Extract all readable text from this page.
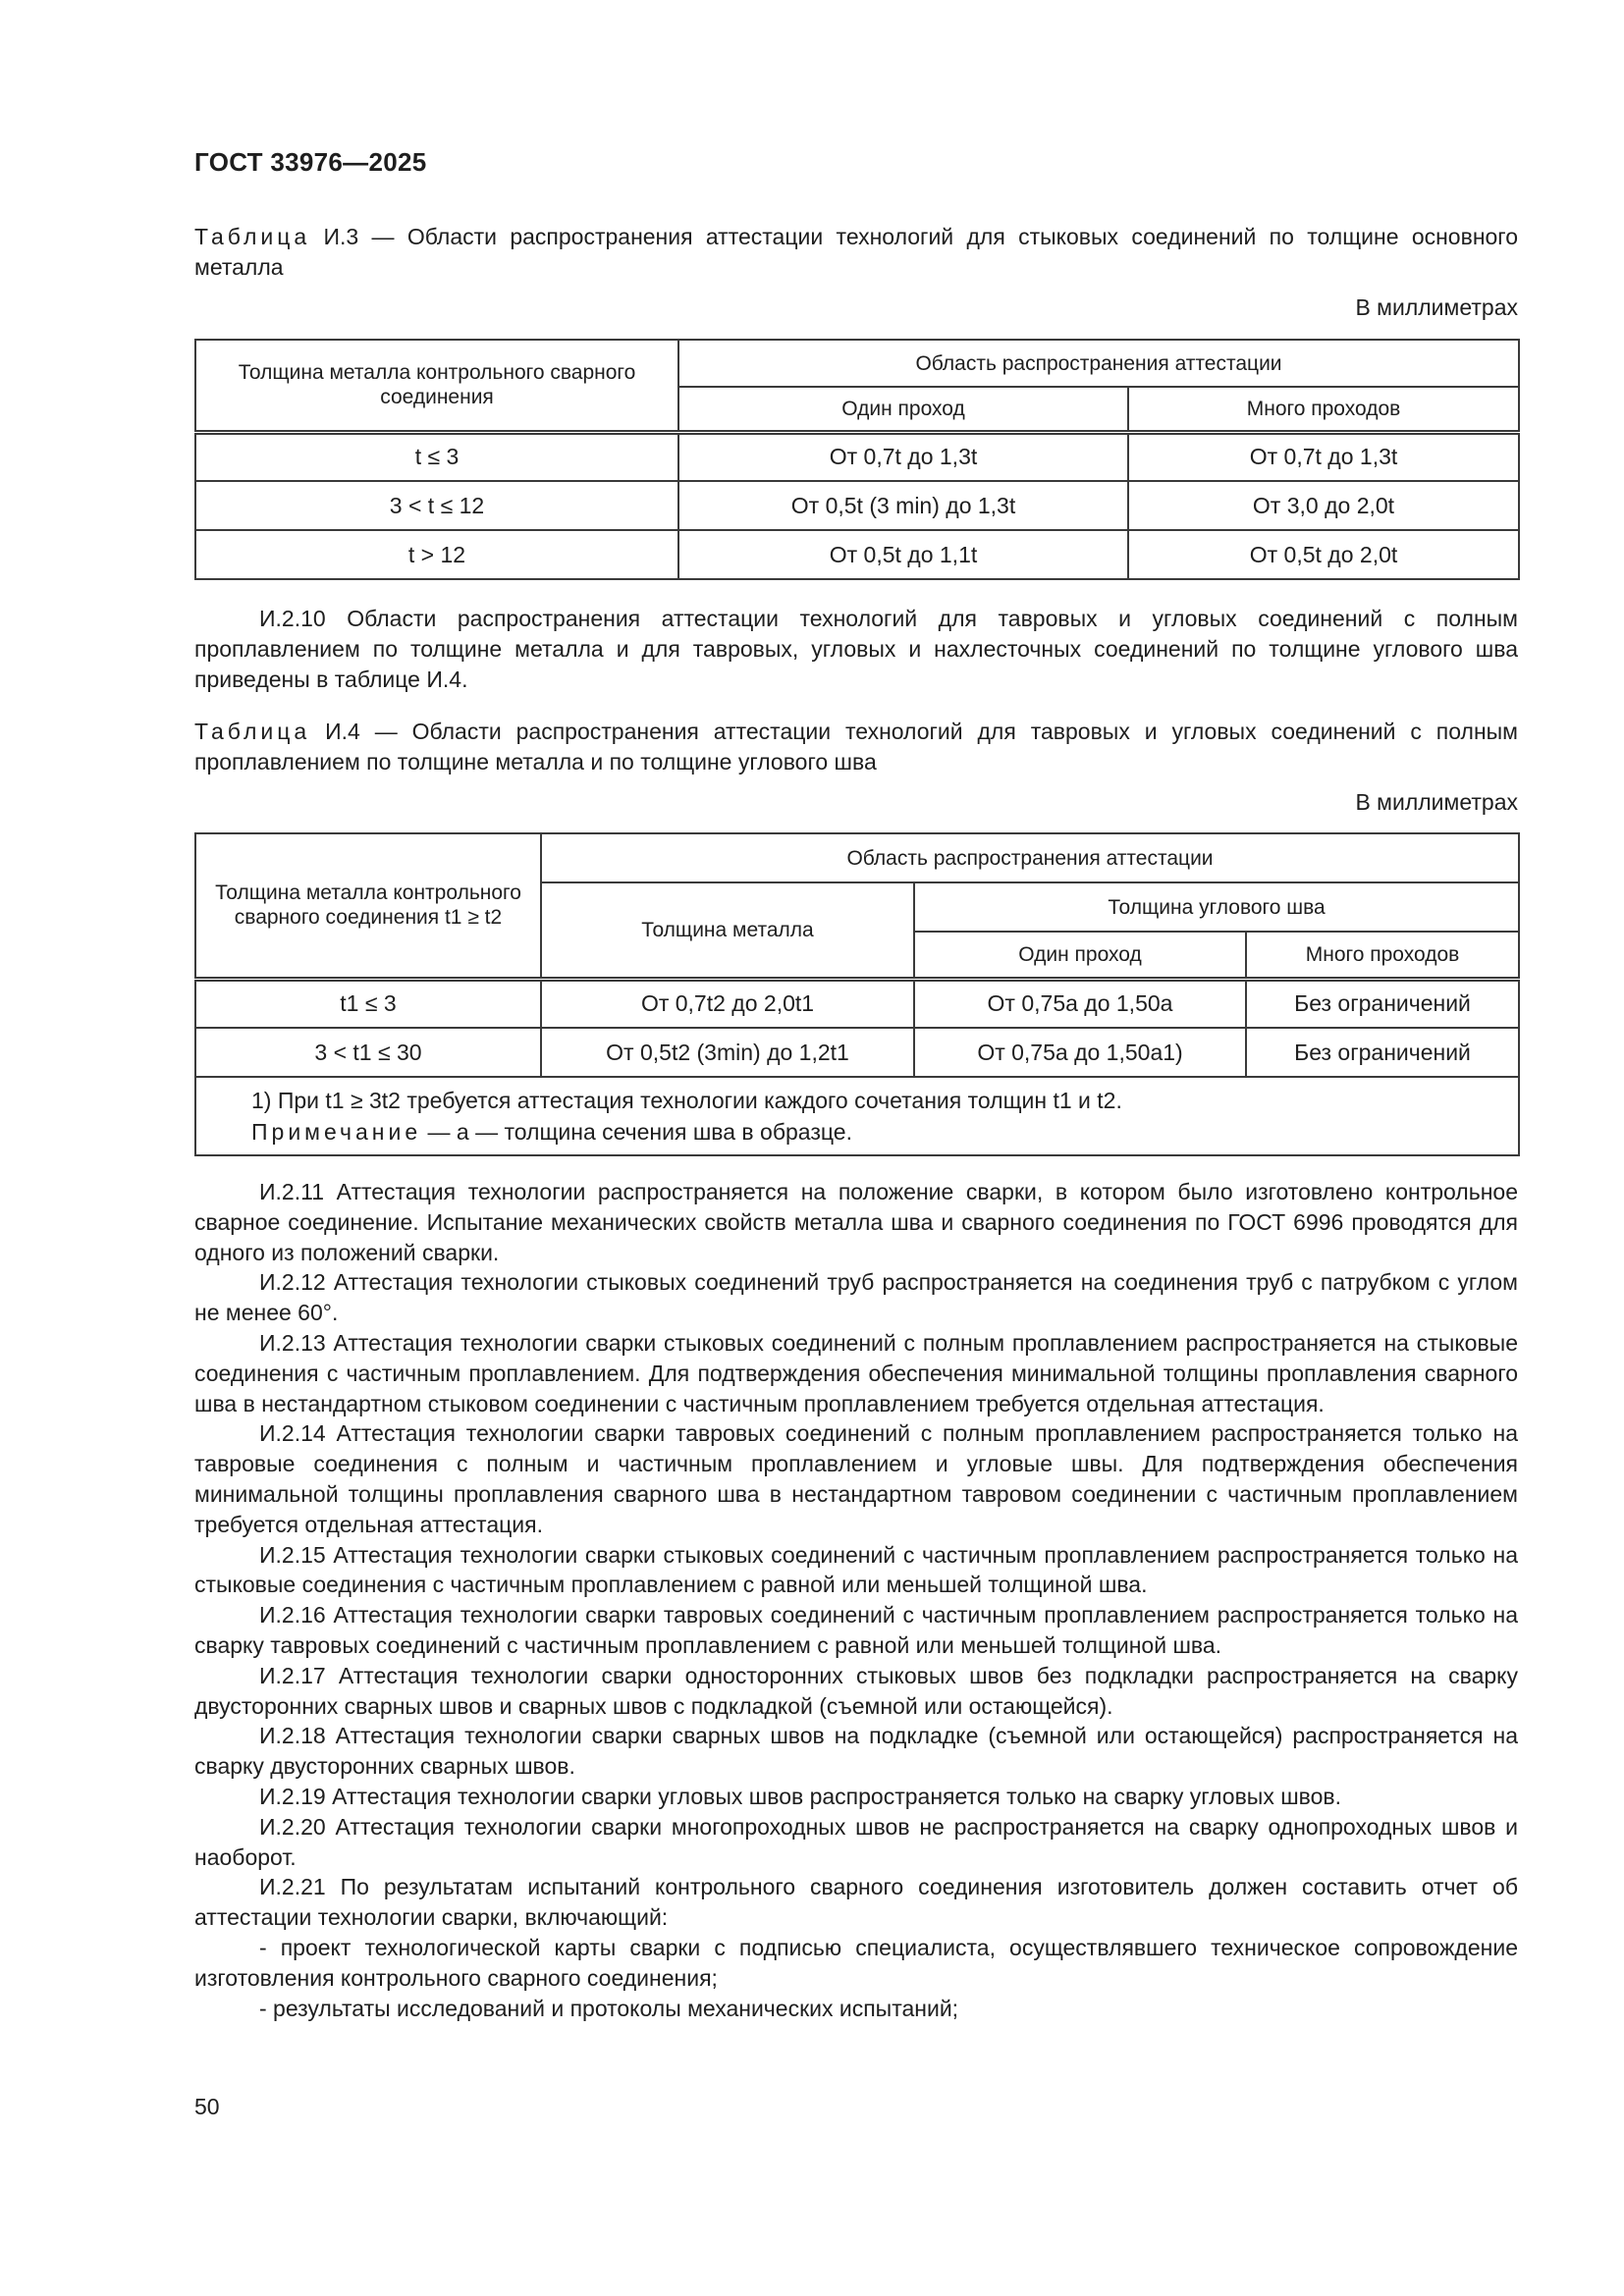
ГОСТ 33976—2025
Таблица И.3 — Области распространения аттестации технологий для стыковых соединений по толщине основного металла
В миллиметрах
Толщина металла контрольного сварного соединения	Область распространения аттестации	
	Один проход	Много проходов
t ≤ 3	От 0,7t до 1,3t	От 0,7t до 1,3t
3 < t ≤ 12	От 0,5t (3 min) до 1,3t	От 3,0 до 2,0t
t > 12	От 0,5t до 1,1t	От 0,5t до 2,0t

И.2.10 Области распространения аттестации технологий для тавровых и угловых соединений с полным проплавлением по толщине металла и для тавровых, угловых и нахлесточных соединений по толщине углового шва приведены в таблице И.4.

Таблица И.4 — Области распространения аттестации технологий для тавровых и угловых соединений с полным проплавлением по толщине металла и по толщине углового шва
В миллиметрах
Толщина металла контрольного сварного соединения t1 ≥ t2	Область распространения аттестации		
	Толщина металла	Толщина углового шва	
		Один проход	Много проходов
t1 ≤ 3	От 0,7t2 до 2,0t1	От 0,75a до 1,50a	Без ограничений
3 < t1 ≤ 30	От 0,5t2 (3min) до 1,2t1	От 0,75a до 1,50a1)	Без ограничений

1) При t1 ≥ 3t2 требуется аттестация технологии каждого сочетания толщин t1 и t2.
Примечание — a — толщина сечения шва в образце.			

И.2.11 Аттестация технологии распространяется на положение сварки, в котором было изготовлено контрольное сварное соединение. Испытание механических свойств металла шва и сварного соединения по ГОСТ 6996 проводятся для одного из положений сварки.

И.2.12 Аттестация технологии стыковых соединений труб распространяется на соединения труб с патрубком с углом не менее 60°.

И.2.13 Аттестация технологии сварки стыковых соединений с полным проплавлением распространяется на стыковые соединения с частичным проплавлением. Для подтверждения обеспечения минимальной толщины проплавления сварного шва в нестандартном стыковом соединении с частичным проплавлением требуется отдельная аттестация.

И.2.14 Аттестация технологии сварки тавровых соединений с полным проплавлением распространяется только на тавровые соединения с полным и частичным проплавлением и угловые швы. Для подтверждения обеспечения минимальной толщины проплавления сварного шва в нестандартном тавровом соединении с частичным проплавлением требуется отдельная аттестация.

И.2.15 Аттестация технологии сварки стыковых соединений с частичным проплавлением распространяется только на стыковые соединения с частичным проплавлением с равной или меньшей толщиной шва.

И.2.16 Аттестация технологии сварки тавровых соединений с частичным проплавлением распространяется только на сварку тавровых соединений с частичным проплавлением с равной или меньшей толщиной шва.

И.2.17 Аттестация технологии сварки односторонних стыковых швов без подкладки распространяется на сварку двусторонних сварных швов и сварных швов с подкладкой (съемной или остающейся).

И.2.18 Аттестация технологии сварки сварных швов на подкладке (съемной или остающейся) распространяется на сварку двусторонних сварных швов.

И.2.19 Аттестация технологии сварки угловых швов распространяется только на сварку угловых швов.

И.2.20 Аттестация технологии сварки многопроходных швов не распространяется на сварку однопроходных швов и наоборот.

И.2.21 По результатам испытаний контрольного сварного соединения изготовитель должен составить отчет об аттестации технологии сварки, включающий:

- проект технологической карты сварки с подписью специалиста, осуществлявшего техническое сопровождение изготовления контрольного сварного соединения;

- результаты исследований и протоколы механических испытаний;

50
